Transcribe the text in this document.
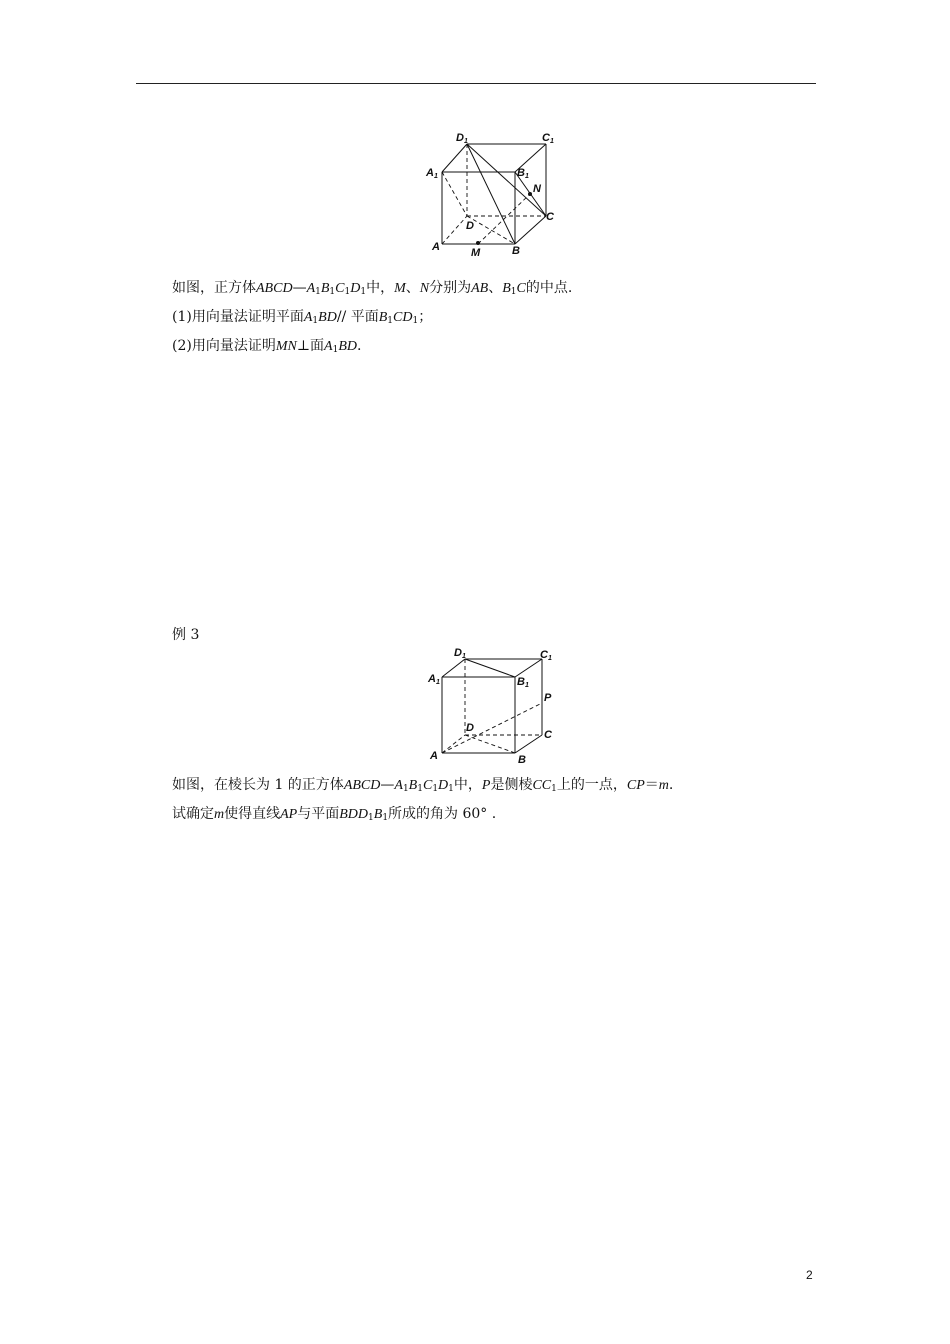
D1	C1
A1	B1
N
C
D
A	M	B
如图，正方体ABCD—A1B1C1D1中，M、N分别为AB、B1C的中点.
(1)用向量法证明平面A1BD// 平面B1CD1；
(2)用向量法证明MN⊥面A1BD.
例 3
D1	C1
A1	B1
P
D
C
A	B
如图，在棱长为 1 的正方体ABCD—A1B1C1D1中，P是侧棱CC1上的一点，CP＝m.
试确定m使得直线AP与平面BDD1B1所成的角为 60° .
2
